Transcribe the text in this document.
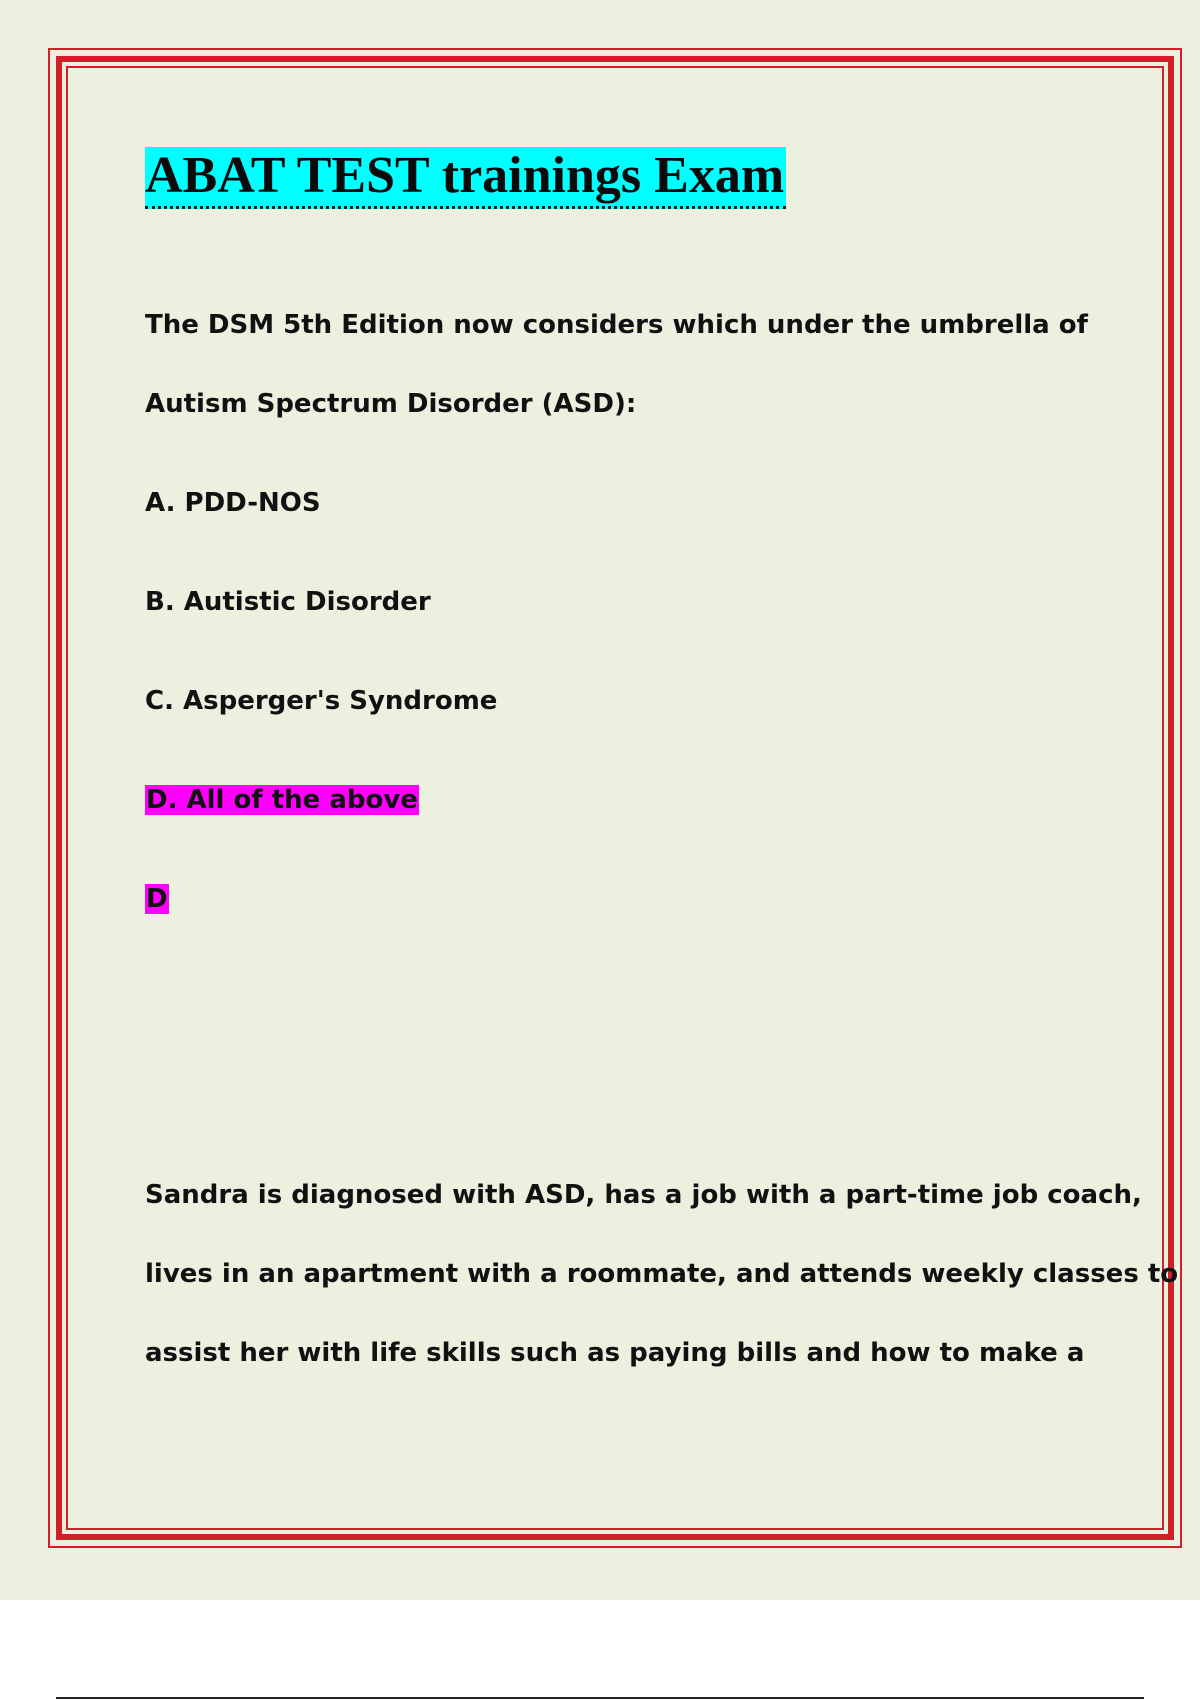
ABAT TEST trainings Exam

The DSM 5th Edition now considers which under the umbrella of

Autism Spectrum Disorder (ASD):

A. PDD-NOS

B. Autistic Disorder

C. Asperger's Syndrome

D. All of the above

D

Sandra is diagnosed with ASD, has a job with a part-time job coach,

lives in an apartment with a roommate, and attends weekly classes to

assist her with life skills such as paying bills and how to make a
